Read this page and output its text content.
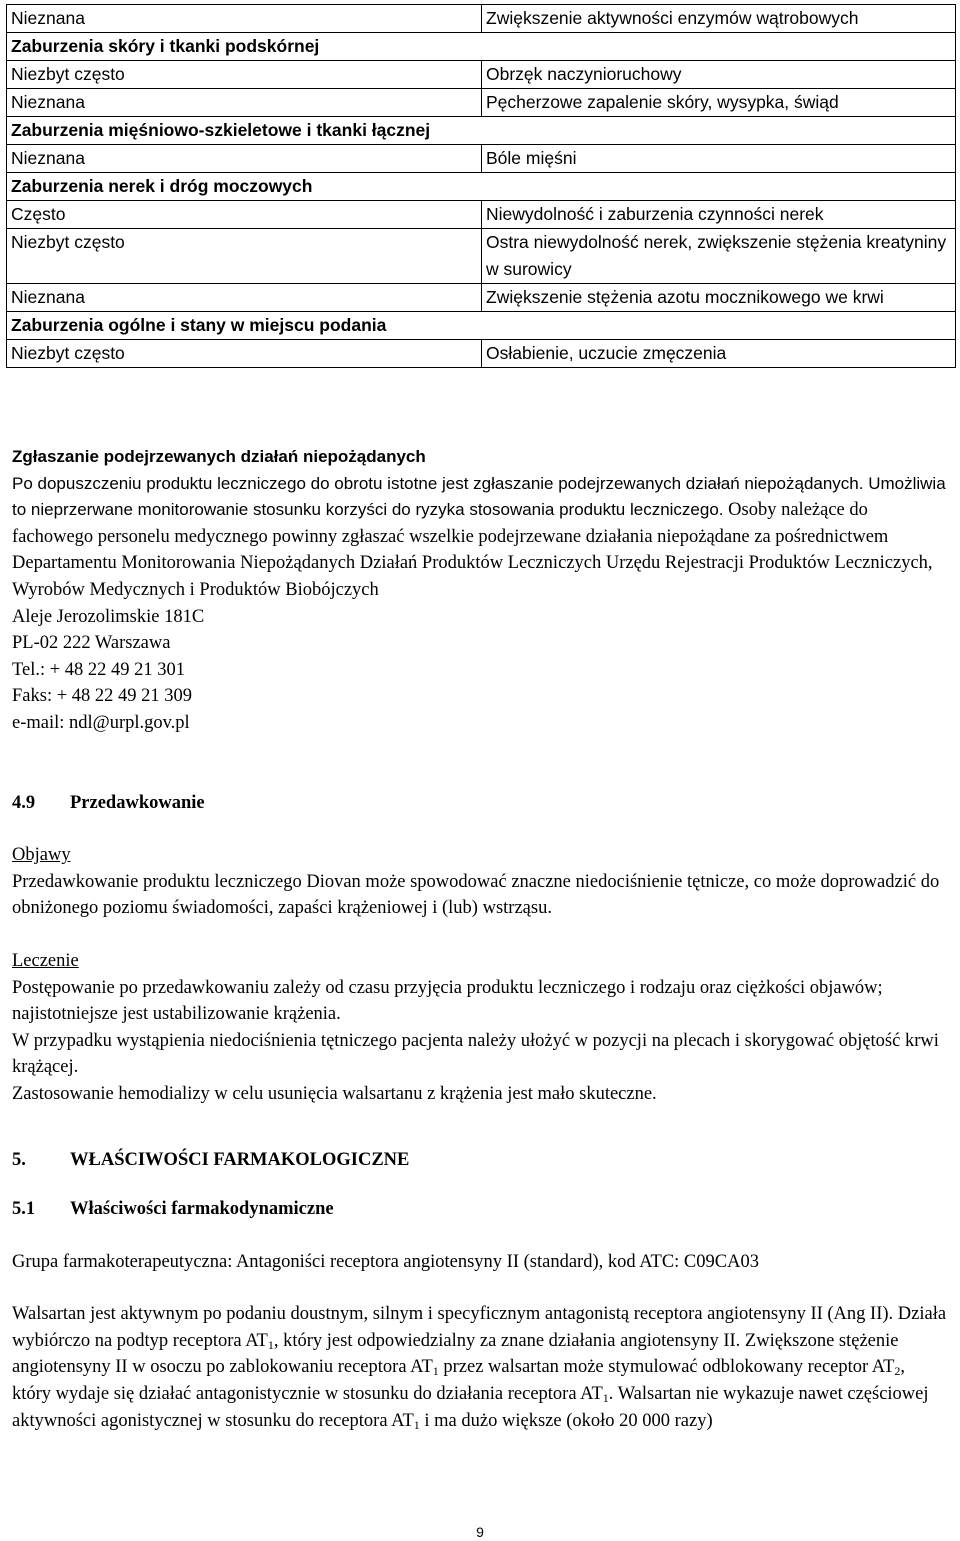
Nieznana	Zwiększenie aktywności enzymów wątrobowych
Zaburzenia skóry i tkanki podskórnej	
Niezbyt często	Obrzęk naczynioruchowy
Nieznana	Pęcherzowe zapalenie skóry, wysypka, świąd
Zaburzenia mięśniowo-szkieletowe i tkanki łącznej	
Nieznana	Bóle mięśni
Zaburzenia nerek i dróg moczowych	
Często	Niewydolność i zaburzenia czynności nerek
Niezbyt często	Ostra niewydolność nerek, zwiększenie stężenia kreatyniny w surowicy
Nieznana	Zwiększenie stężenia azotu mocznikowego we krwi
Zaburzenia ogólne i stany w miejscu podania	
Niezbyt często	Osłabienie, uczucie zmęczenia

Zgłaszanie podejrzewanych działań niepożądanych

Po dopuszczeniu produktu leczniczego do obrotu istotne jest zgłaszanie podejrzewanych działań niepożądanych. Umożliwia to nieprzerwane monitorowanie stosunku korzyści do ryzyka stosowania produktu leczniczego. Osoby należące do fachowego personelu medycznego powinny zgłaszać wszelkie podejrzewane działania niepożądane za pośrednictwem Departamentu Monitorowania Niepożądanych Działań Produktów Leczniczych Urzędu Rejestracji Produktów Leczniczych, Wyrobów Medycznych i Produktów Biobójczych

Aleje Jerozolimskie 181C

PL-02 222 Warszawa

Tel.: + 48 22 49 21 301

Faks: + 48 22 49 21 309

e-mail: ndl@urpl.gov.pl

4.9 Przedawkowanie

Objawy

Przedawkowanie produktu leczniczego Diovan może spowodować znaczne niedociśnienie tętnicze, co może doprowadzić do obniżonego poziomu świadomości, zapaści krążeniowej i (lub) wstrząsu.

Leczenie

Postępowanie po przedawkowaniu zależy od czasu przyjęcia produktu leczniczego i rodzaju oraz ciężkości objawów; najistotniejsze jest ustabilizowanie krążenia.

W przypadku wystąpienia niedociśnienia tętniczego pacjenta należy ułożyć w pozycji na plecach i skorygować objętość krwi krążącej.

Zastosowanie hemodializy w celu usunięcia walsartanu z krążenia jest mało skuteczne.

5. WŁAŚCIWOŚCI FARMAKOLOGICZNE

5.1 Właściwości farmakodynamiczne

Grupa farmakoterapeutyczna: Antagoniści receptora angiotensyny II (standard), kod ATC: C09CA03

Walsartan jest aktywnym po podaniu doustnym, silnym i specyficznym antagonistą receptora angiotensyny II (Ang II). Działa wybiórczo na podtyp receptora $AT_1$, który jest odpowiedzialny za znane działania angiotensyny II. Zwiększone stężenie angiotensyny II w osoczu po zablokowaniu receptora $AT_1$ przez walsartan może stymulować odblokowany receptor $AT_2$, który wydaje się działać antagonistycznie w stosunku do działania receptora $AT_1$. Walsartan nie wykazuje nawet częściowej aktywności agonistycznej w stosunku do receptora $AT_1$ i ma dużo większe (około 20 000 razy)

9
